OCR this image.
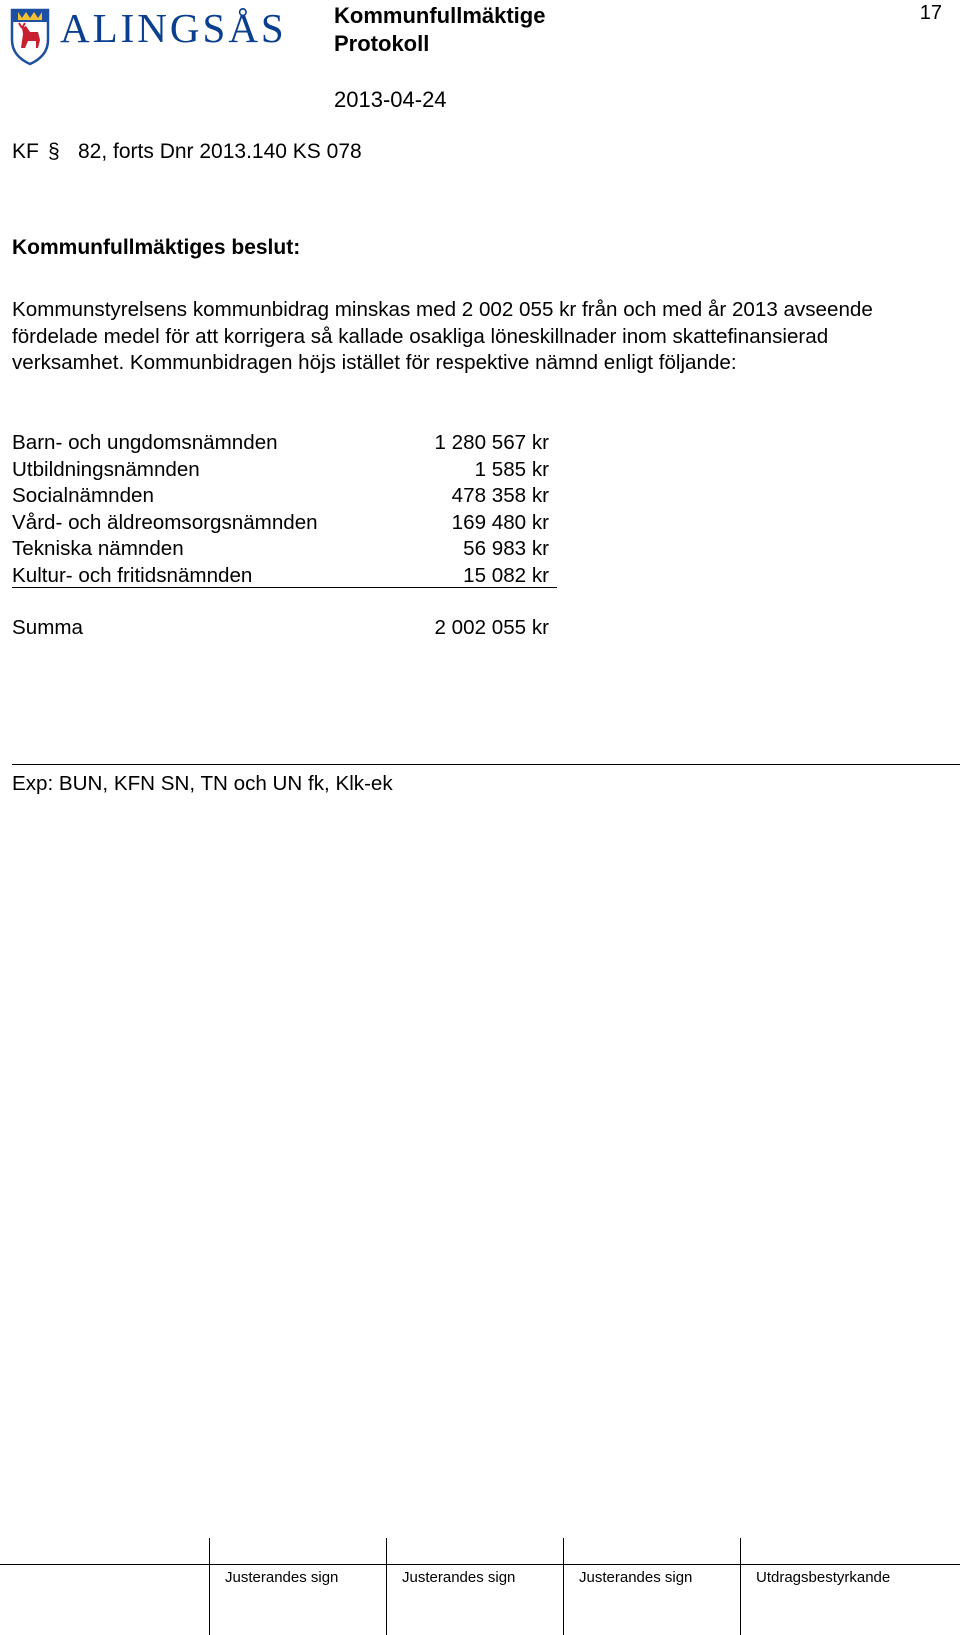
ALINGSÅS Kommunfullmäktige
Protokoll
17
2013-04-24
KF § 82, forts Dnr 2013.140 KS 078
Kommunfullmäktiges beslut:
Kommunstyrelsens kommunbidrag minskas med 2 002 055 kr från och med år 2013 avseende fördelade medel för att korrigera så kallade osakliga löneskillnader inom skattefinansierad verksamhet. Kommunbidragen höjs istället för respektive nämnd enligt följande:
Barn- och ungdomsnämnden	1 280 567 kr
Utbildningsnämnden	1 585 kr
Socialnämnden	478 358 kr
Vård- och äldreomsorgsnämnden	169 480 kr
Tekniska nämnden	56 983 kr
Kultur- och fritidsnämnden	15 082 kr
Summa	2 002 055 kr
Exp: BUN, KFN SN, TN och UN fk, Klk-ek
Justerandes sign	Justerandes sign	Justerandes sign	Utdragsbestyrkande
